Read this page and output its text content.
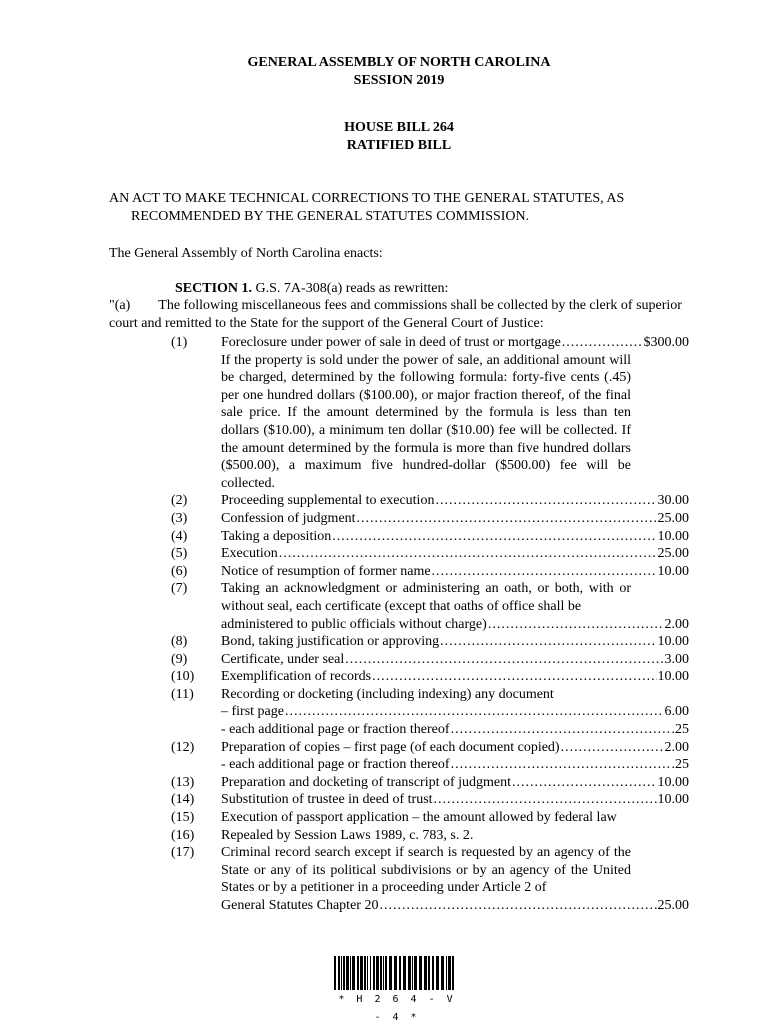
GENERAL ASSEMBLY OF NORTH CAROLINA
SESSION 2019
HOUSE BILL 264
RATIFIED BILL
AN ACT TO MAKE TECHNICAL CORRECTIONS TO THE GENERAL STATUTES, AS
RECOMMENDED BY THE GENERAL STATUTES COMMISSION.
The General Assembly of North Carolina enacts:
SECTION 1. G.S. 7A-308(a) reads as rewritten:
"(a) The following miscellaneous fees and commissions shall be collected by the clerk of superior court and remitted to the State for the support of the General Court of Justice:
(1)	Foreclosure under power of sale in deed of trust or mortgage .....	$300.00
If the property is sold under the power of sale, an additional amount will be charged, determined by the following formula: forty-five cents (.45) per one hundred dollars ($100.00), or major fraction thereof, of the final sale price. If the amount determined by the formula is less than ten dollars ($10.00), a minimum ten dollar ($10.00) fee will be collected. If the amount determined by the formula is more than five hundred dollars ($500.00), a maximum five hundred-dollar ($500.00) fee will be collected.
(2)	Proceeding supplemental to execution .....	30.00
(3)	Confession of judgment .....	25.00
(4)	Taking a deposition .....	10.00
(5)	Execution .....	25.00
(6)	Notice of resumption of former name .....	10.00
(7)	Taking an acknowledgment or administering an oath, or both, with or without seal, each certificate (except that oaths of office shall be
administered to public officials without charge) .....	2.00
(8)	Bond, taking justification or approving .....	10.00
(9)	Certificate, under seal .....	3.00
(10)	Exemplification of records .....	10.00
(11)	Recording or docketing (including indexing) any document
– first page .....	6.00
- each additional page or fraction thereof .....	.25
(12)	Preparation of copies – first page (of each document copied) .....	2.00
- each additional page or fraction thereof .....	.25
(13)	Preparation and docketing of transcript of judgment .....	10.00
(14)	Substitution of trustee in deed of trust .....	10.00
(15)	Execution of passport application – the amount allowed by federal law
(16)	Repealed by Session Laws 1989, c. 783, s. 2.
(17)	Criminal record search except if search is requested by an agency of the State or any of its political subdivisions or by an agency of the United States or by a petitioner in a proceeding under Article 2 of
General Statutes Chapter 20 .....	25.00
* H 2 6 4 - V - 4 *
